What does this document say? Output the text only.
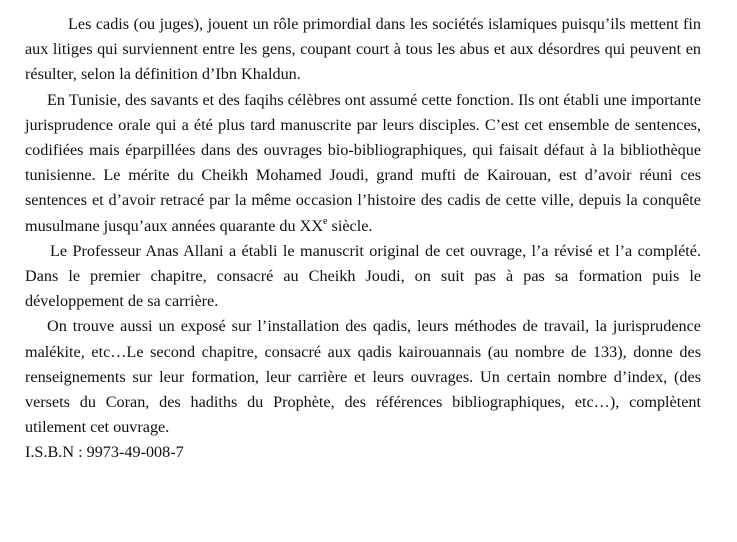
Les cadis (ou juges), jouent un rôle primordial dans les sociétés islamiques puisqu’ils mettent fin aux litiges qui surviennent entre les gens, coupant court à tous les abus et aux désordres qui peuvent en résulter, selon la définition d’Ibn Khaldun.

En Tunisie, des savants et des faqihs célèbres ont assumé cette fonction. Ils ont établi une importante jurisprudence orale qui a été plus tard manuscrite par leurs disciples. C’est cet ensemble de sentences, codifiées mais éparpillées dans des ouvrages bio-bibliographiques, qui faisait défaut à la bibliothèque tunisienne. Le mérite du Cheikh Mohamed Joudi, grand mufti de Kairouan, est d’avoir réuni ces sentences et d’avoir retracé par la même occasion l’histoire des cadis de cette ville, depuis la conquête musulmane jusqu’aux années quarante du XXe siècle.

Le Professeur Anas Allani a établi le manuscrit original de cet ouvrage, l’a révisé et l’a complété. Dans le premier chapitre, consacré au Cheikh Joudi, on suit pas à pas sa formation puis le développement de sa carrière.

On trouve aussi un exposé sur l’installation des qadis, leurs méthodes de travail, la jurisprudence malékite, etc…Le second chapitre, consacré aux qadis kairouannais (au nombre de 133), donne des renseignements sur leur formation, leur carrière et leurs ouvrages. Un certain nombre d’index, (des versets du Coran, des hadiths du Prophète, des références bibliographiques, etc…), complètent utilement cet ouvrage.

I.S.B.N : 9973-49-008-7
